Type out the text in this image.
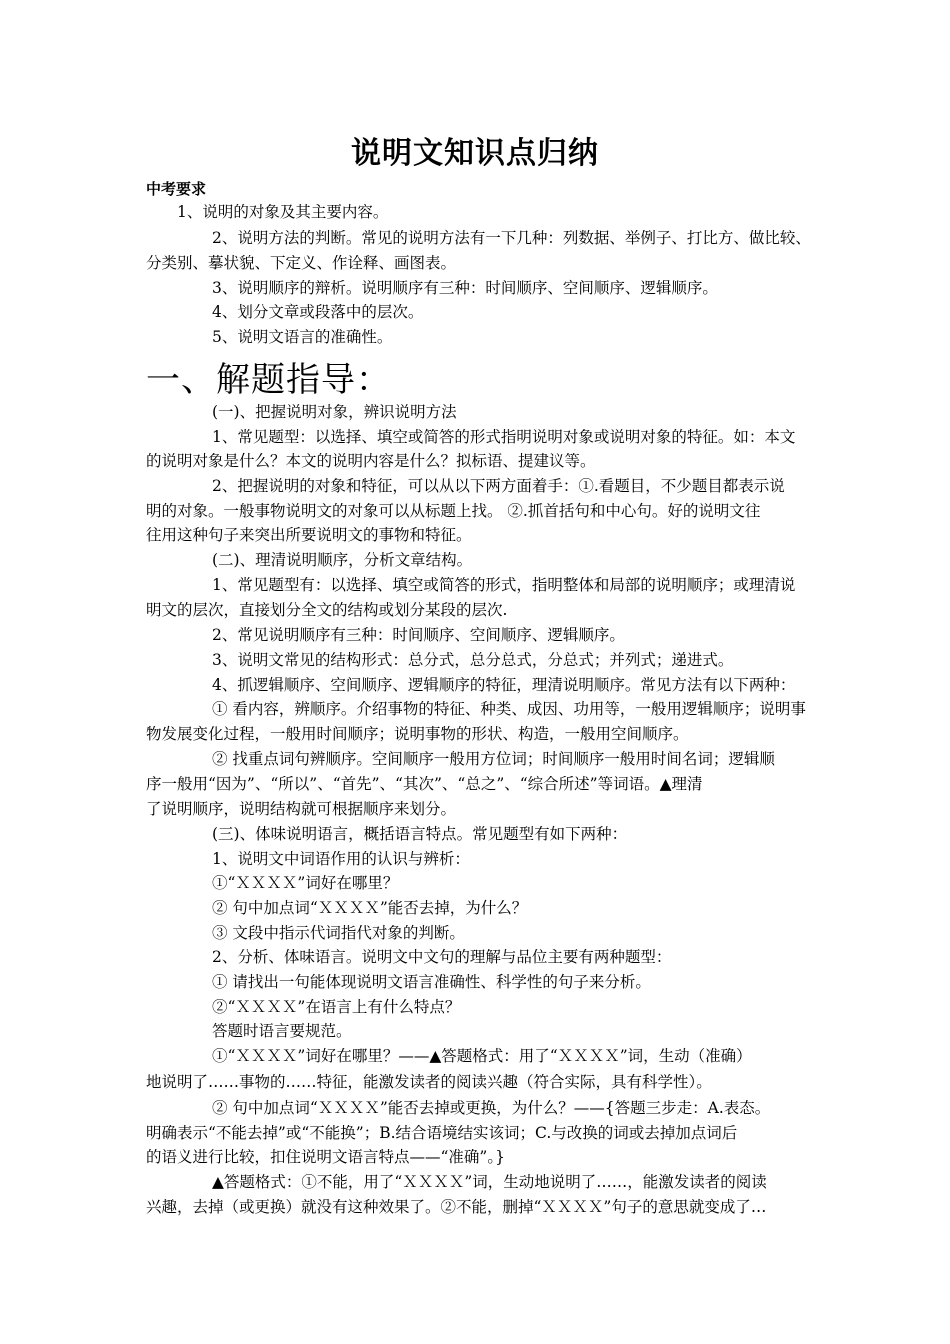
说明文知识点归纳
中考要求
1、说明的对象及其主要内容。
2、说明方法的判断。常见的说明方法有一下几种：列数据、举例子、打比方、做比较、
分类别、摹状貌、下定义、作诠释、画图表。
3、说明顺序的辩析。说明顺序有三种：时间顺序、空间顺序、逻辑顺序。
4、划分文章或段落中的层次。
5、说明文语言的准确性。
一、解题指导：
(一)、把握说明对象，辨识说明方法
1、常见题型：以选择、填空或简答的形式指明说明对象或说明对象的特征。如：本文
的说明对象是什么？本文的说明内容是什么？拟标语、提建议等。
2、把握说明的对象和特征，可以从以下两方面着手：①.看题目，不少题目都表示说
明的对象。一般事物说明文的对象可以从标题上找。 ②.抓首括句和中心句。好的说明文往
往用这种句子来突出所要说明文的事物和特征。
(二)、理清说明顺序，分析文章结构。
1、常见题型有：以选择、填空或简答的形式，指明整体和局部的说明顺序；或理清说
明文的层次，直接划分全文的结构或划分某段的层次.
2、常见说明顺序有三种：时间顺序、空间顺序、逻辑顺序。
3、说明文常见的结构形式：总分式，总分总式，分总式；并列式；递进式。
4、抓逻辑顺序、空间顺序、逻辑顺序的特征，理清说明顺序。常见方法有以下两种：
① 看内容，辨顺序。介绍事物的特征、种类、成因、功用等，一般用逻辑顺序；说明事
物发展变化过程，一般用时间顺序；说明事物的形状、构造，一般用空间顺序。
② 找重点词句辨顺序。空间顺序一般用方位词；时间顺序一般用时间名词；逻辑顺
序一般用“因为”、“所以”、“首先”、“其次”、“总之”、“综合所述”等词语。▲理清
了说明顺序，说明结构就可根据顺序来划分。
(三)、体味说明语言，概括语言特点。常见题型有如下两种：
1、说明文中词语作用的认识与辨析：
①“ＸＸＸＸ”词好在哪里？
② 句中加点词“ＸＸＸＸ”能否去掉，为什么？
③ 文段中指示代词指代对象的判断。
2、分析、体味语言。说明文中文句的理解与品位主要有两种题型：
① 请找出一句能体现说明文语言准确性、科学性的句子来分析。
②“ＸＸＸＸ”在语言上有什么特点？
答题时语言要规范。
①“ＸＸＸＸ”词好在哪里？——▲答题格式：用了“ＸＸＸＸ”词，生动（准确）
地说明了……事物的……特征，能激发读者的阅读兴趣（符合实际，具有科学性）。
② 句中加点词“ＸＸＸＸ”能否去掉或更换，为什么？——{答题三步走：A.表态。
明确表示“不能去掉”或“不能换”；B.结合语境结实该词；C.与改换的词或去掉加点词后
的语义进行比较，扣住说明文语言特点——“准确”。}
▲答题格式：①不能，用了“ＸＸＸＸ”词，生动地说明了……，能激发读者的阅读
兴趣，去掉（或更换）就没有这种效果了。②不能，删掉“ＸＸＸＸ”句子的意思就变成了…
